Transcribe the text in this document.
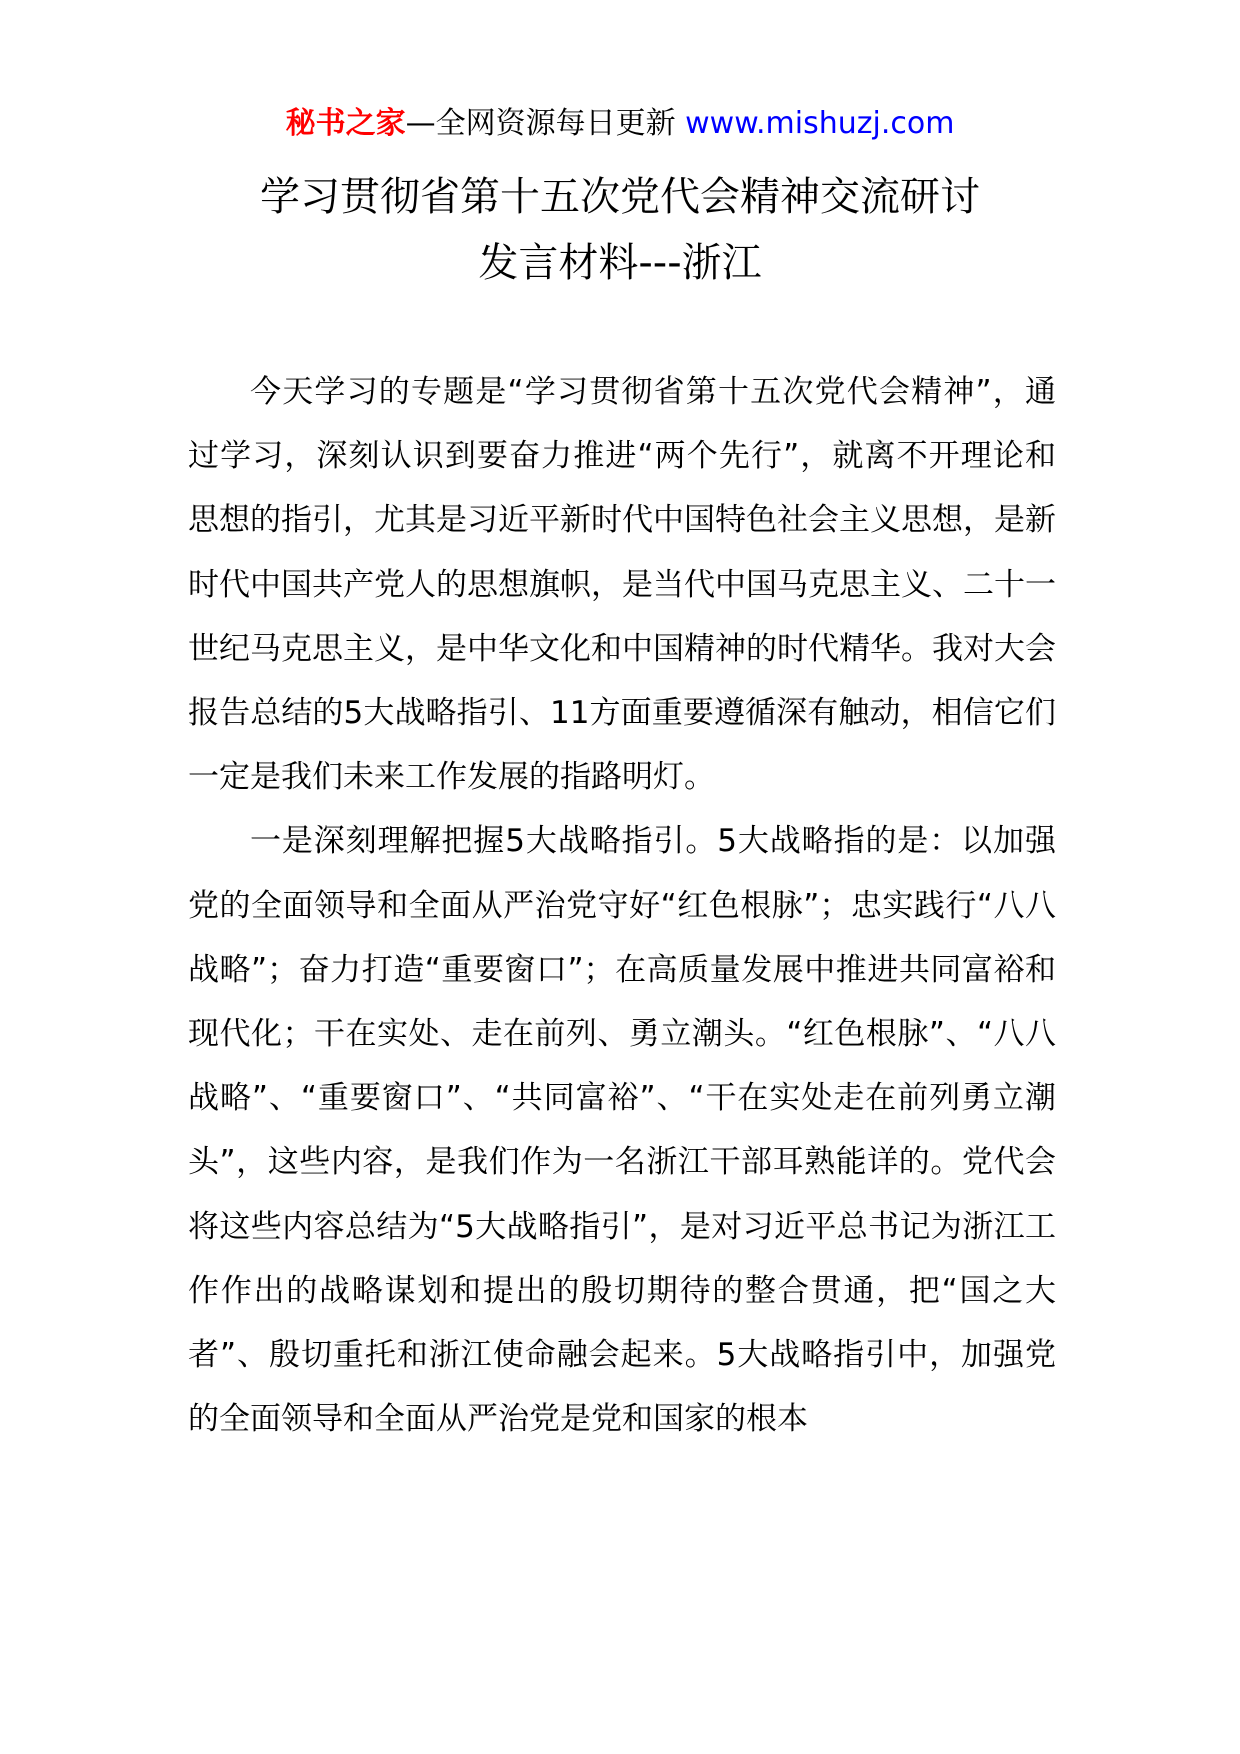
秘书之家—全网资源每日更新 www.mishuzj.com
学习贯彻省第十五次党代会精神交流研讨
发言材料---浙江

今天学习的专题是“学习贯彻省第十五次党代会精神”，通过学习，深刻认识到要奋力推进“两个先行”，就离不开理论和思想的指引，尤其是习近平新时代中国特色社会主义思想，是新时代中国共产党人的思想旗帜，是当代中国马克思主义、二十一世纪马克思主义，是中华文化和中国精神的时代精华。我对大会报告总结的5大战略指引、11方面重要遵循深有触动，相信它们一定是我们未来工作发展的指路明灯。

一是深刻理解把握5大战略指引。5大战略指的是：以加强党的全面领导和全面从严治党守好“红色根脉”；忠实践行“八八战略”；奋力打造“重要窗口”；在高质量发展中推进共同富裕和现代化；干在实处、走在前列、勇立潮头。“红色根脉”、“八八战略”、“重要窗口”、“共同富裕”、“干在实处走在前列勇立潮头”，这些内容，是我们作为一名浙江干部耳熟能详的。党代会将这些内容总结为“5大战略指引”，是对习近平总书记为浙江工作作出的战略谋划和提出的殷切期待的整合贯通，把“国之大者”、殷切重托和浙江使命融会起来。5大战略指引中，加强党的全面领导和全面从严治党是党和国家的根本
